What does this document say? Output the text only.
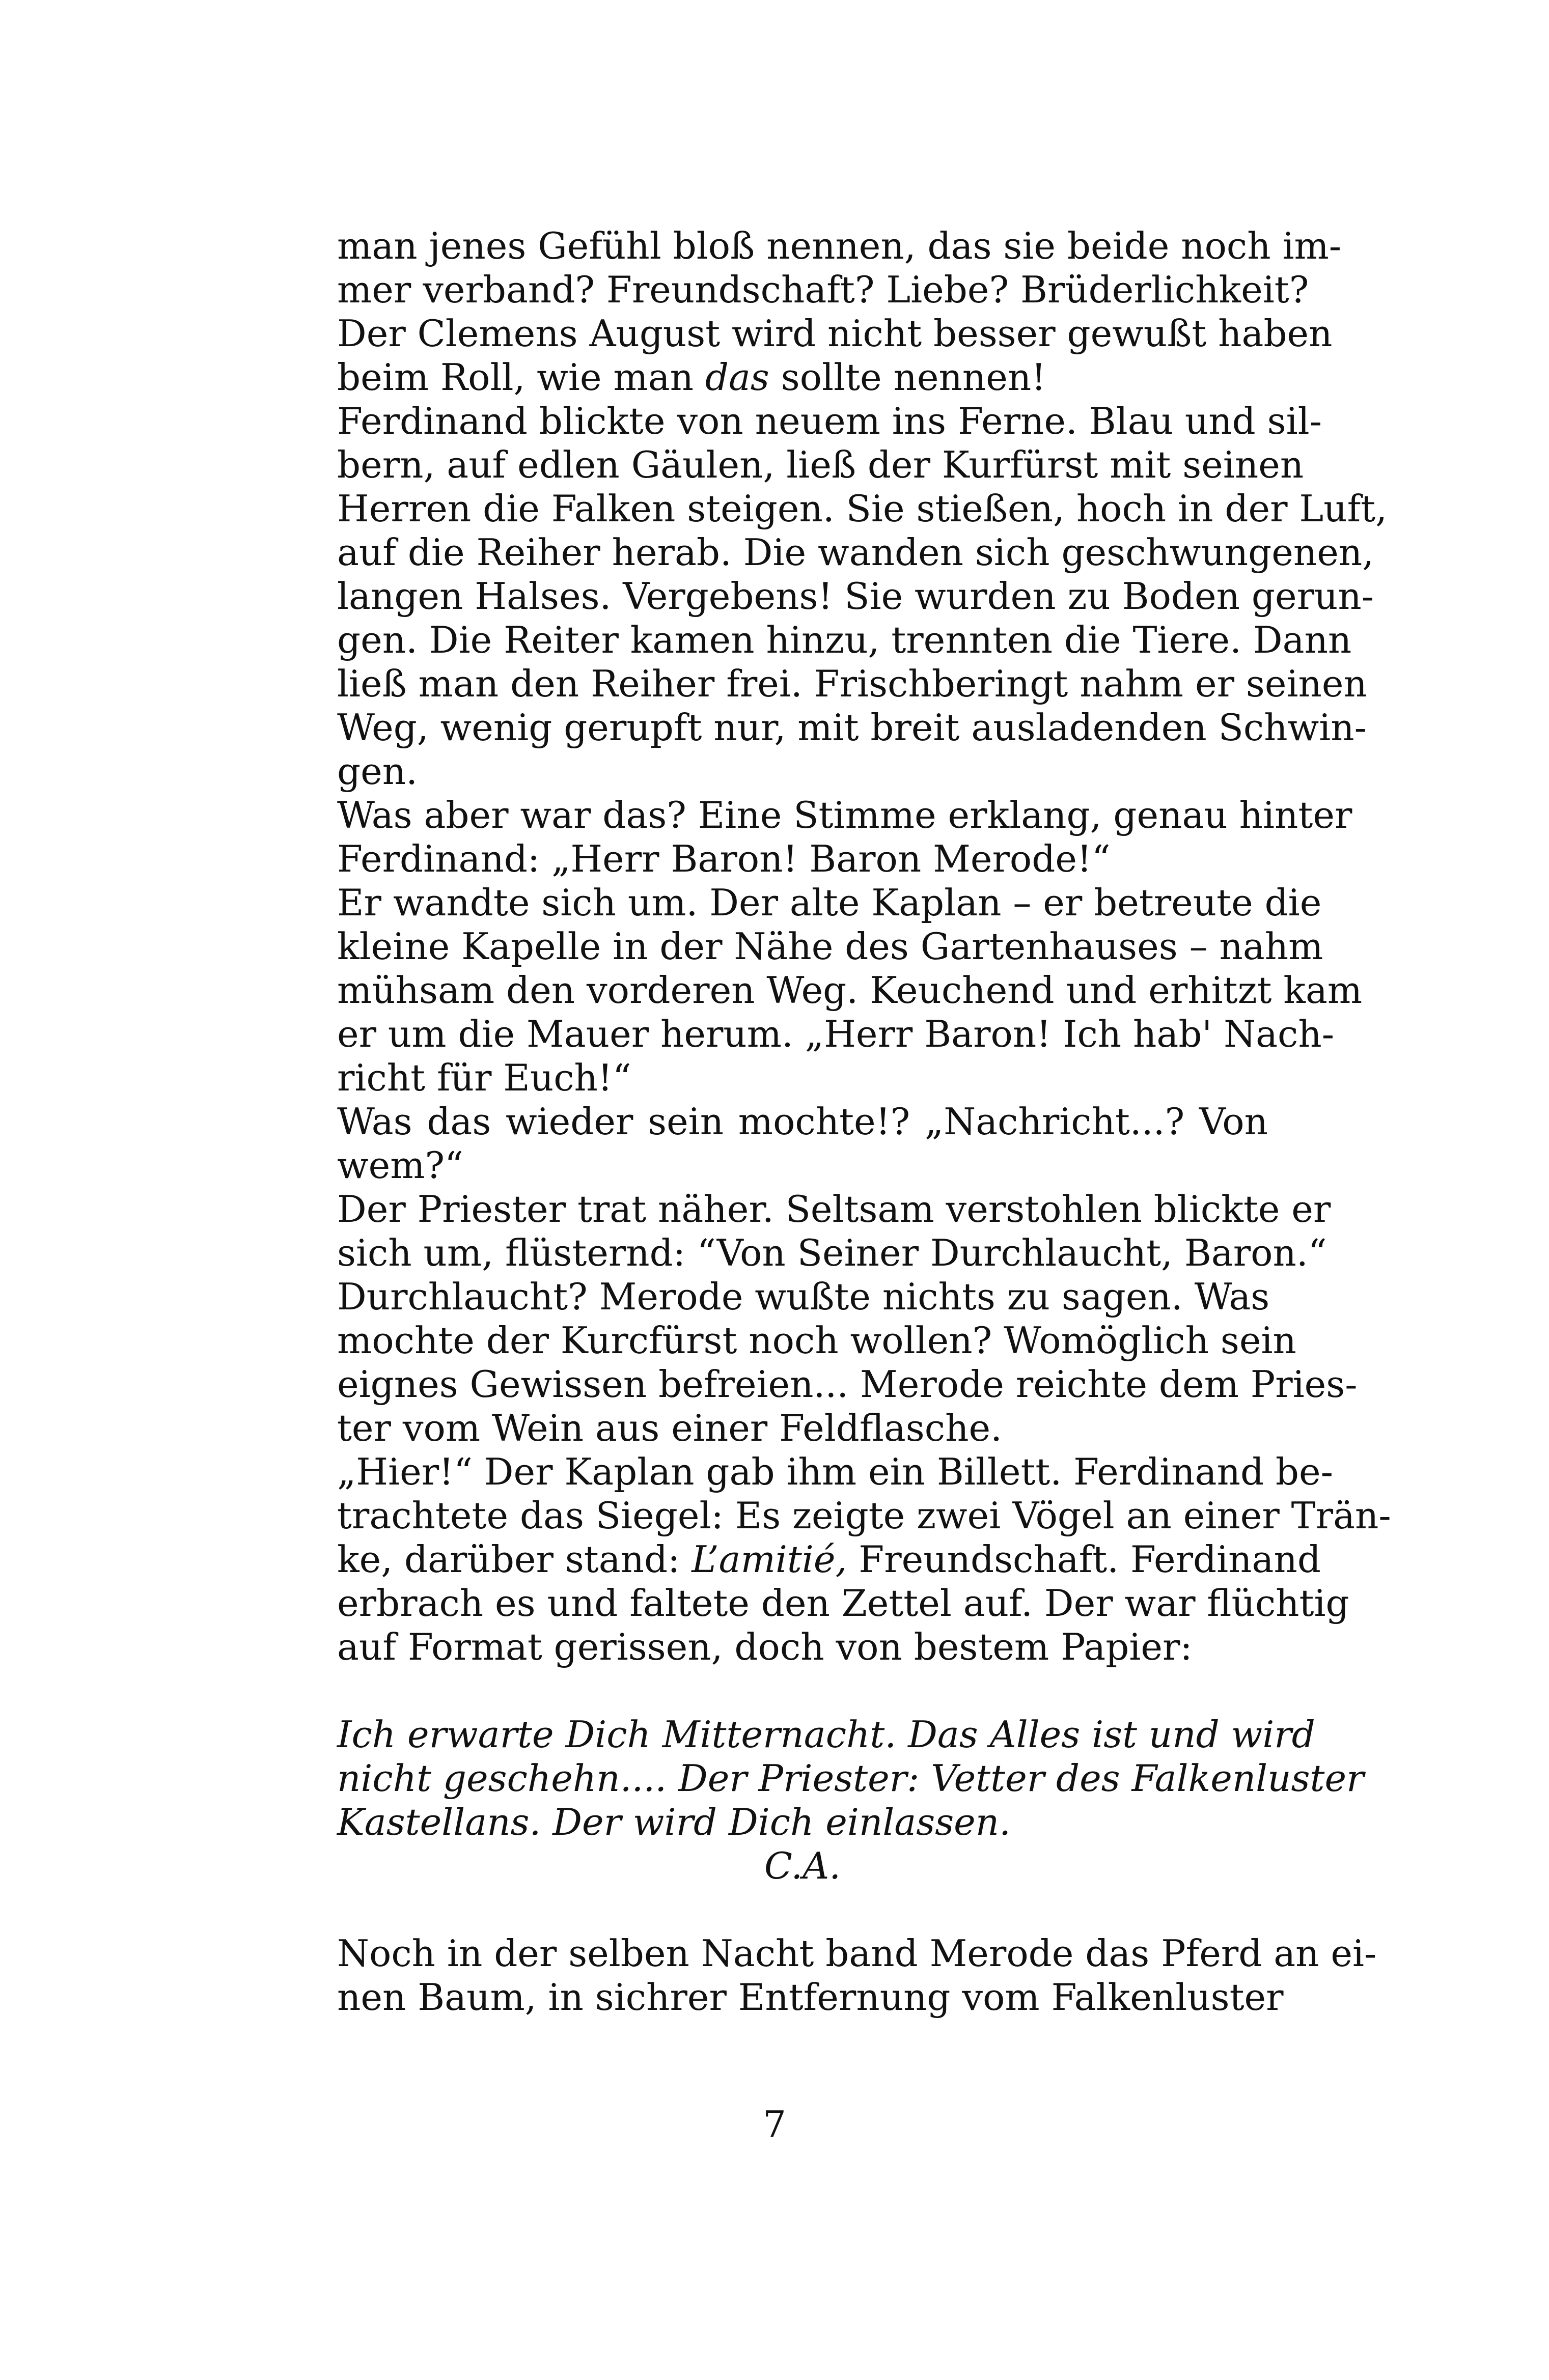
man jenes Gefühl bloß nennen, das sie beide noch im-
mer verband? Freundschaft? Liebe? Brüderlichkeit?
Der Clemens August wird nicht besser gewußt haben
beim Roll, wie man das sollte nennen!
Ferdinand blickte von neuem ins Ferne. Blau und sil-
bern, auf edlen Gäulen, ließ der Kurfürst mit seinen
Herren die Falken steigen. Sie stießen, hoch in der Luft,
auf die Reiher herab. Die wanden sich geschwungenen,
langen Halses. Vergebens! Sie wurden zu Boden gerun-
gen. Die Reiter kamen hinzu, trennten die Tiere. Dann
ließ man den Reiher frei. Frischberingt nahm er seinen
Weg, wenig gerupft nur, mit breit ausladenden Schwin-
gen.
Was aber war das? Eine Stimme erklang, genau hinter
Ferdinand: „Herr Baron! Baron Merode!“
Er wandte sich um. Der alte Kaplan – er betreute die
kleine Kapelle in der Nähe des Gartenhauses – nahm
mühsam den vorderen Weg. Keuchend und erhitzt kam
er um die Mauer herum. „Herr Baron! Ich hab' Nach-
richt für Euch!“
Was das wieder sein mochte!? „Nachricht...? Von
wem?“
Der Priester trat näher. Seltsam verstohlen blickte er
sich um, flüsternd: “Von Seiner Durchlaucht, Baron.“
Durchlaucht? Merode wußte nichts zu sagen. Was
mochte der Kurcfürst noch wollen? Womöglich sein
eignes Gewissen befreien... Merode reichte dem Pries-
ter vom Wein aus einer Feldflasche.
„Hier!“ Der Kaplan gab ihm ein Billett. Ferdinand be-
trachtete das Siegel: Es zeigte zwei Vögel an einer Trän-
ke, darüber stand: L’amitié, Freundschaft. Ferdinand
erbrach es und faltete den Zettel auf. Der war flüchtig
auf Format gerissen, doch von bestem Papier:
Ich erwarte Dich Mitternacht. Das Alles ist und wird
nicht geschehn.... Der Priester: Vetter des Falkenluster
Kastellans. Der wird Dich einlassen.
C.A.
Noch in der selben Nacht band Merode das Pferd an ei-
nen Baum, in sichrer Entfernung vom Falkenluster
7
